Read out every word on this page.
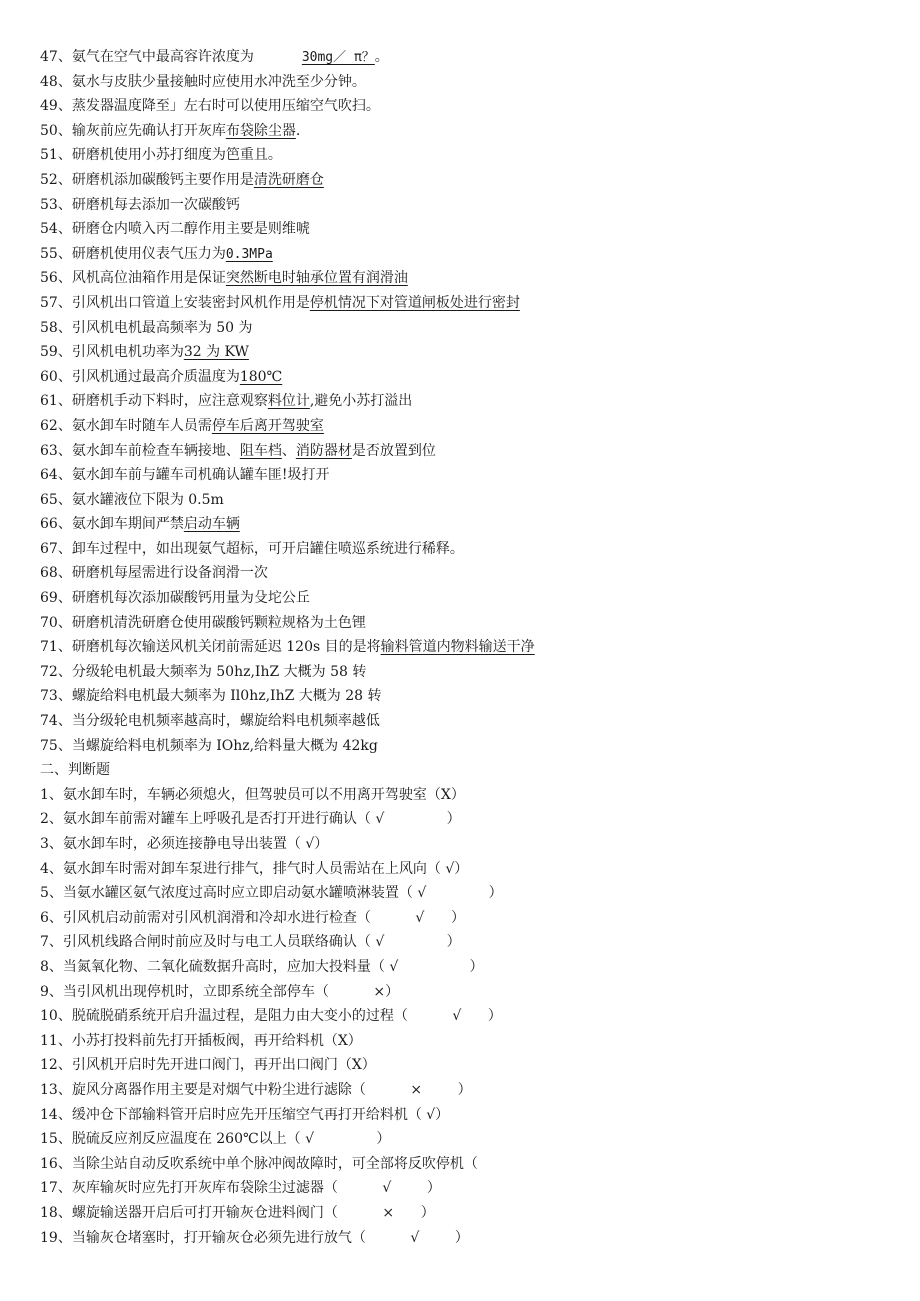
47、氨气在空气中最高容许浓度为	30mg／ π？。
48、氨水与皮肤少量接触时应使用水冲洗至少分钟。
49、蒸发器温度降至」左右时可以使用压缩空气吹扫。
50、输灰前应先确认打开灰库布袋除尘器.
51、研磨机使用小苏打细度为笆重且。
52、研磨机添加碳酸钙主要作用是清洗研磨仓
53、研磨机每去添加一次碳酸钙
54、研磨仓内喷入丙二醇作用主要是则维唬
55、研磨机使用仪表气压力为0.3MPa
56、风机高位油箱作用是保证突然断电时轴承位置有润滑油
57、引风机出口管道上安装密封风机作用是停机情况下对管道闸板处进行密封
58、引风机电机最高频率为 50 为
59、引风机电机功率为32 为 KW
60、引风机通过最高介质温度为180℃
61、研磨机手动下料时，应注意观察料位计,避免小苏打溢出
62、氨水卸车时随车人员需停车后离开驾驶室
63、氨水卸车前检查车辆接地、阻车档、消防器材是否放置到位
64、氨水卸车前与罐车司机确认罐车匪!圾打开
65、氨水罐液位下限为 0.5m
66、氨水卸车期间严禁启动车辆
67、卸车过程中，如出现氨气超标，可开启罐住喷巡系统进行稀释。
68、研磨机每屋需进行设备润滑一次
69、研磨机每次添加碳酸钙用量为殳坨公丘
70、研磨机清洗研磨仓使用碳酸钙颗粒规格为土色锂
71、研磨机每次输送风机关闭前需延迟 120s 目的是将输料管道内物料输送干净
72、分级轮电机最大频率为 50hz,IhZ 大概为 58 转
73、螺旋给料电机最大频率为 Il0hz,IhZ 大概为 28 转
74、当分级轮电机频率越高时，螺旋给料电机频率越低
75、当螺旋给料电机频率为 IOhz,给料量大概为 42kg
二、判断题
1、氨水卸车时，车辆必须熄火，但驾驶员可以不用离开驾驶室（X）
2、氨水卸车前需对罐车上呼吸孔是否打开进行确认（ √              ）
3、氨水卸车时，必须连接静电导出装置（ √）
4、氨水卸车时需对卸车泵进行排气，排气时人员需站在上风向（ √）
5、当氨水罐区氨气浓度过高时应立即启动氨水罐喷淋装置（ √              ）
6、引风机启动前需对引风机润滑和冷却水进行检查（          √      ）
7、引风机线路合闸时前应及时与电工人员联络确认（ √              ）
8、当氮氧化物、二氧化硫数据升高时，应加大投料量（ √                ）
9、当引风机出现停机时，立即系统全部停车（          ×）
10、脱硫脱硝系统开启升温过程，是阻力由大变小的过程（          √      ）
11、小苏打投料前先打开插板阀，再开给料机（X）
12、引风机开启时先开进口阀门，再开出口阀门（X）
13、旋风分离器作用主要是对烟气中粉尘进行滤除（          ×        ）
14、缓冲仓下部输料管开启时应先开压缩空气再打开给料机（ √）
15、脱硫反应剂反应温度在 260℃以上（ √              ）
16、当除尘站自动反吹系统中单个脉冲阀故障时，可全部将反吹停机（
17、灰库输灰时应先打开灰库布袋除尘过滤器（          √        ）
18、螺旋输送器开启后可打开输灰仓进料阀门（          ×      ）
19、当输灰仓堵塞时，打开输灰仓必须先进行放气（          √        ）
